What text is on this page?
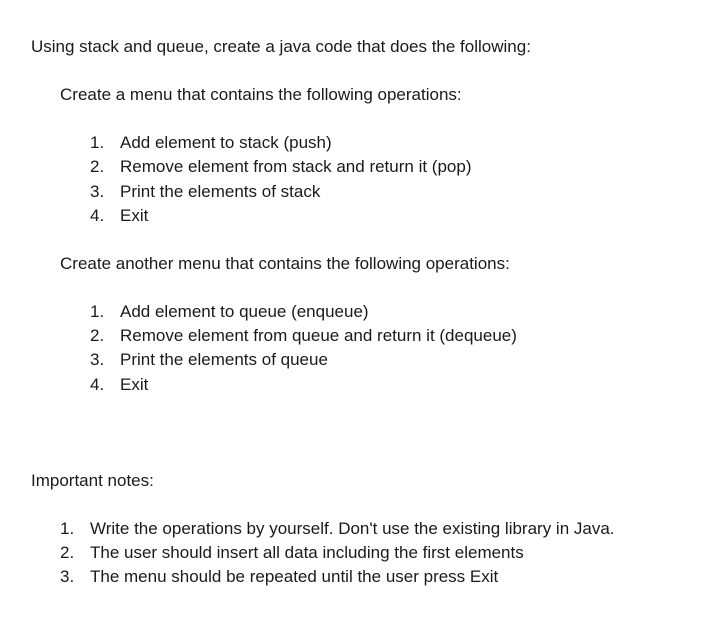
Using stack and queue, create a java code that does the following:

Create a menu that contains the following operations:

1. Add element to stack (push)
2. Remove element from stack and return it (pop)
3. Print the elements of stack
4. Exit

Create another menu that contains the following operations:

1. Add element to queue (enqueue)
2. Remove element from queue and return it (dequeue)
3. Print the elements of queue
4. Exit

Important notes:

1. Write the operations by yourself. Don't use the existing library in Java.
2. The user should insert all data including the first elements
3. The menu should be repeated until the user press Exit
